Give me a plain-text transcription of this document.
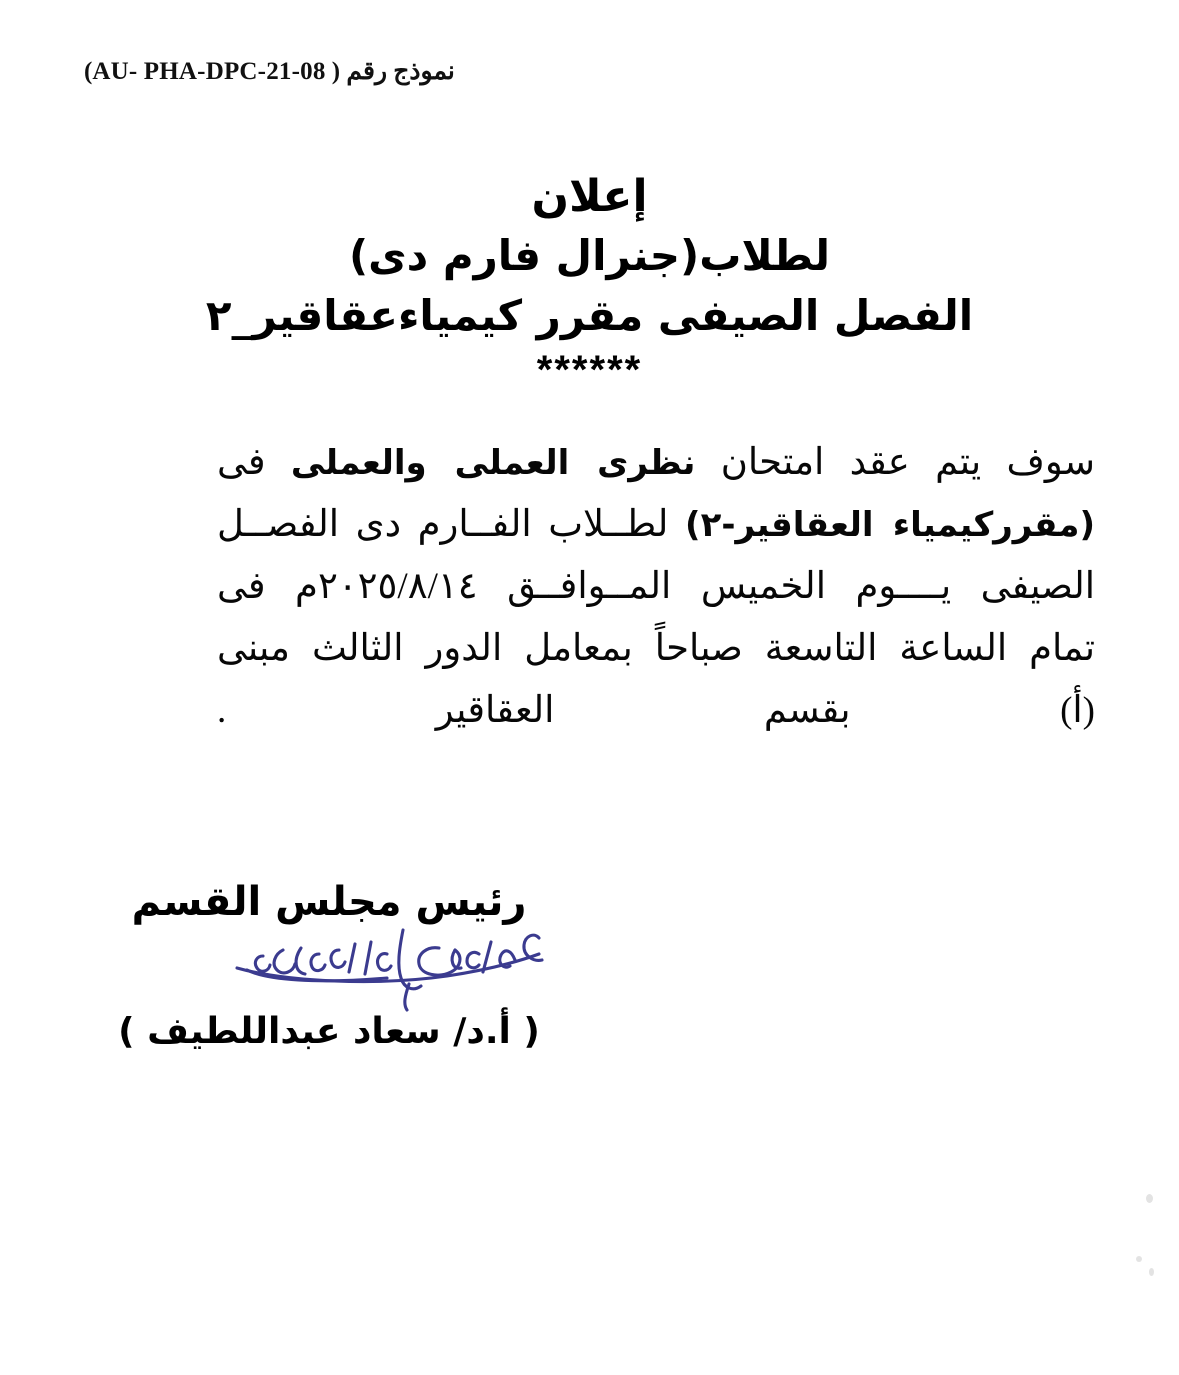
نموذج رقم ( AU- PHA-DPC-21-08)
إعلان
لطلاب(جنرال فارم دى)
الفصل الصيفى مقرر كيمياءعقاقير_٢
******
سوف يتم عقد امتحان نظرى العملى والعملى فى
(مقرركيمياء العقاقير-٢) لطــلاب الفــارم دى الفصــل
الصيفى يــــوم الخميس المــوافــق ٢٠٢٥/٨/١٤م فى
تمام الساعة التاسعة صباحاً بمعامل الدور الثالث مبنى
(أ) بقسم العقاقير .
رئيس مجلس القسم
( أ.د/ سعاد عبداللطيف )
